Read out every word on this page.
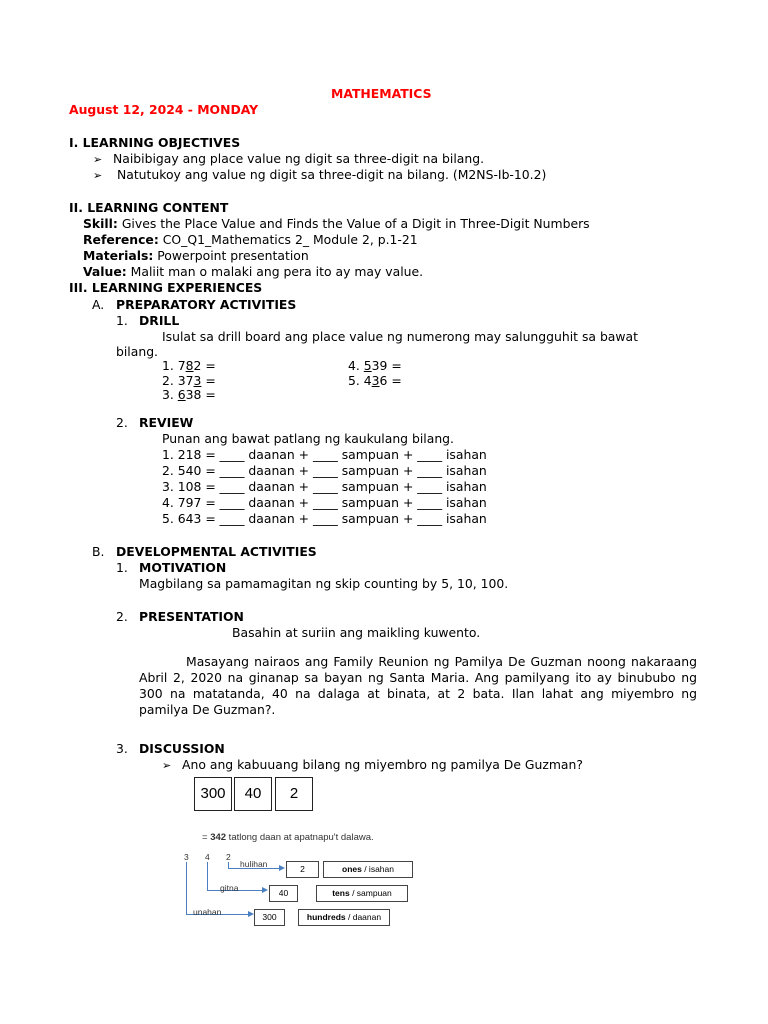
MATHEMATICS
August 12, 2024 - MONDAY
I. LEARNING OBJECTIVES
➢ Naibibigay ang place value ng digit sa three-digit na bilang.
➢ Natutukoy ang value ng digit sa three-digit na bilang. (M2NS-Ib-10.2)
II. LEARNING CONTENT
Skill: Gives the Place Value and Finds the Value of a Digit in Three-Digit Numbers
Reference: CO_Q1_Mathematics 2_ Module 2, p.1-21
Materials: Powerpoint presentation
Value: Maliit man o malaki ang pera ito ay may value.
III. LEARNING EXPERIENCES
A. PREPARATORY ACTIVITIES
1. DRILL
Isulat sa drill board ang place value ng numerong may salungguhit sa bawat
bilang.
1. 782 =
2. 373 =
3. 638 =
4. 539 =
5. 436 =
2. REVIEW
Punan ang bawat patlang ng kaukulang bilang.
1. 218 = ____ daanan + ____ sampuan + ____ isahan
2. 540 = ____ daanan + ____ sampuan + ____ isahan
3. 108 = ____ daanan + ____ sampuan + ____ isahan
4. 797 = ____ daanan + ____ sampuan + ____ isahan
5. 643 = ____ daanan + ____ sampuan + ____ isahan
B. DEVELOPMENTAL ACTIVITIES
1. MOTIVATION
Magbilang sa pamamagitan ng skip counting by 5, 10, 100.
2. PRESENTATION
Basahin at suriin ang maikling kuwento.
Masayang nairaos ang Family Reunion ng Pamilya De Guzman noong nakaraang Abril 2, 2020 na ginanap sa bayan ng Santa Maria. Ang pamilyang ito ay binububo ng 300 na matatanda, 40 na dalaga at binata, at 2 bata. Ilan lahat ang miyembro ng pamilya De Guzman?.
3. DISCUSSION
➢ Ano ang kabuuang bilang ng miyembro ng pamilya De Guzman?
300	40	2
= 342 tatlong daan at apatnapu't dalawa.
3 4 2
hulihan
gitna
unahan
2
40
300
ones / isahan
tens / sampuan
hundreds / daanan
